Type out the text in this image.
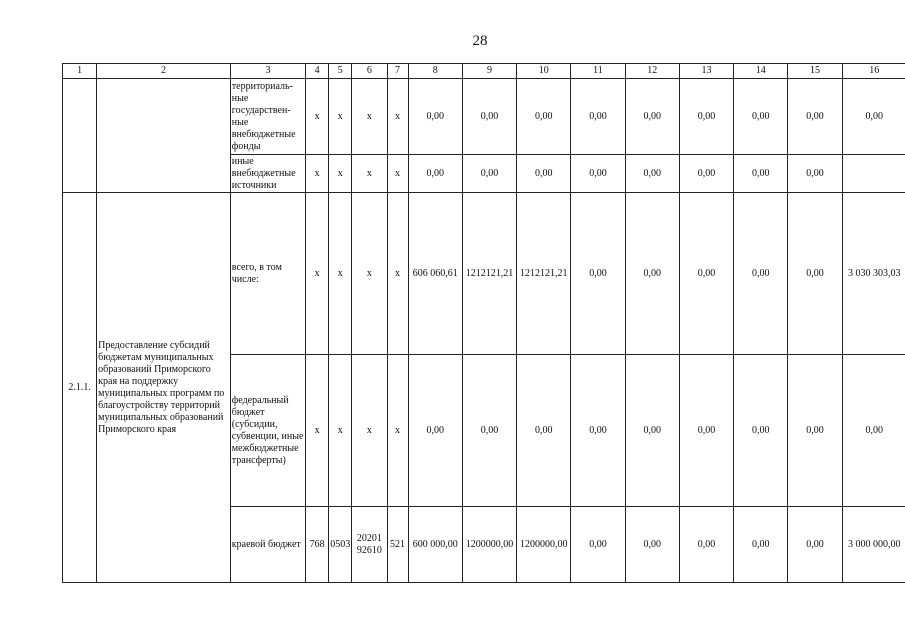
28
1	2	3	4	5	6	7	8	9	10	11	12	13	14	15	16
		территориаль-ные государствен-ные внебюджетные фонды	х	х	х	х	0,00	0,00	0,00	0,00	0,00	0,00	0,00	0,00	0,00
		иные внебюджетные источники	х	х	х	х	0,00	0,00	0,00	0,00	0,00	0,00	0,00	0,00	
2.1.1.	Предоставление субсидий бюджетам муниципальных образований Приморского края на поддержку муниципальных программ по благоустройству территорий муниципальных образований Приморского края	всего, в том числе:	х	х	х	х	606 060,61	1212121,21	1212121,21	0,00	0,00	0,00	0,00	0,00	3 030 303,03
		федеральный бюджет (субсидии, субвенции, иные межбюджетные трансферты)	х	х	х	х	0,00	0,00	0,00	0,00	0,00	0,00	0,00	0,00	0,00
		краевой бюджет	768	0503	20201 92610	521	600 000,00	1200000,00	1200000,00	0,00	0,00	0,00	0,00	0,00	3 000 000,00
